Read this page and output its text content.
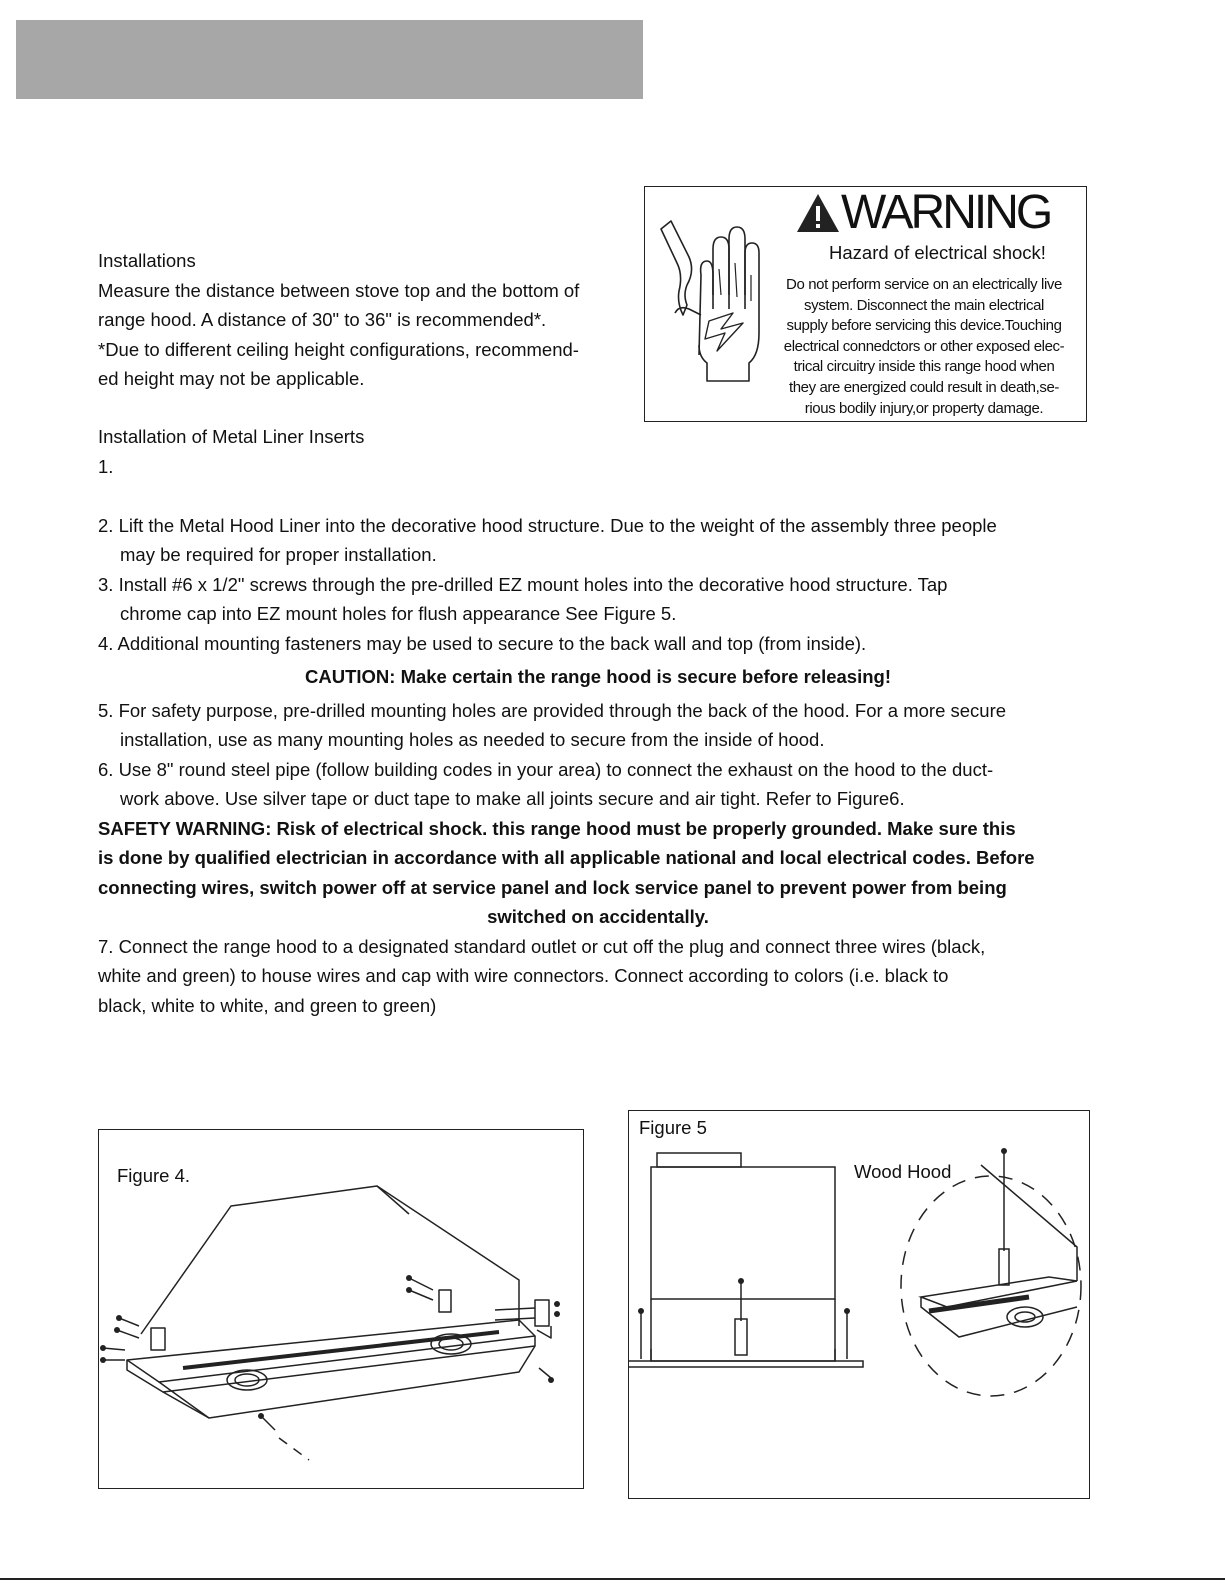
Installations
Measure the distance between stove top and the bottom of
range hood. A distance of 30" to 36" is recommended*.
*Due to different ceiling height configurations, recommend-
ed height may not be applicable.
WARNING
Hazard of electrical shock!
Do not perform service on an electrically live
system. Disconnect the main electrical
supply before servicing this device.Touching
electrical connedctors or other exposed elec-
trical circuitry inside this range hood when
they are energized could result in death,se-
rious bodily injury,or property damage.
Installation of Metal Liner Inserts
1.
2. Lift the Metal Hood Liner into the decorative hood structure. Due to the weight of the assembly three people
may be required for proper installation.
3. Install #6 x 1/2" screws through the pre-drilled EZ mount holes into the decorative hood structure. Tap
chrome cap into EZ mount holes for flush appearance See Figure 5.
4. Additional mounting fasteners may be used to secure to the back wall and top (from inside).
CAUTION: Make certain the range hood is secure before releasing!
5. For safety purpose, pre-drilled mounting holes are provided through the back of the hood. For a more secure
installation, use as many mounting holes as needed to secure from the inside of hood.
6. Use 8" round steel pipe (follow building codes in your area) to connect the exhaust on the hood to the duct-
work above. Use silver tape or duct tape to make all joints secure and air tight. Refer to Figure6.
SAFETY WARNING: Risk of electrical shock. this range hood must be properly grounded. Make sure this
is done by qualified electrician in accordance with all applicable national and local electrical codes. Before
connecting wires, switch power off at service panel and lock service panel to prevent power from being
switched on accidentally.
7. Connect the range hood to a designated standard outlet or cut off the plug and connect three wires (black,
white and green) to house wires and cap with wire connectors. Connect according to colors (i.e. black to
black, white to white, and green to green)
Figure 4.
Figure 5
Wood Hood
